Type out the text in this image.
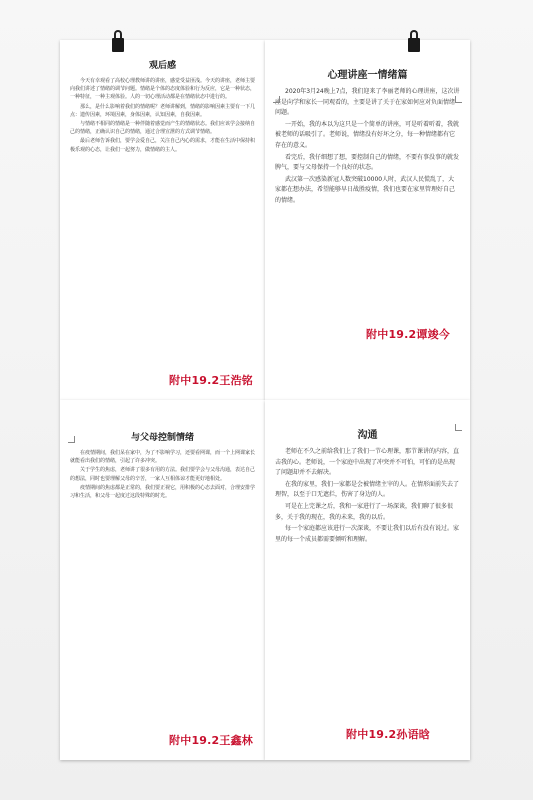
观后感

今天有幸观看了高校心理教师讲的讲座，感觉受益匪浅。今天的讲座，老师主要向我们讲述了情绪的调节问题。情绪是个体的态度体验和行为反应，它是一种状态，一种特征，一种主观体验。人的一切心理活动都是在情绪状态中进行的。

那么，是什么影响着我们的情绪呢？老师讲解到，情绪的影响因素主要有一下几点：遗传因素，环境因素，身体因素，认知因素，自我因素。

与情绪不相同的情绪是一种伴随着感觉而产生的情绪状态。我们应该学会接纳自己的情绪，正确认识自己的情绪，通过合理宣泄的方式调节情绪。

最后老师告诉我们，要学会爱自己，关注自己内心的需求，才能在生活中保持积极乐观的心态，让我们一起努力，做情绪的主人。

附中19.2王浩铭
心理讲座一情绪篇

2020年3月24晚上7点，我们迎来了李丽老师的心理讲座，这次讲座是向学和家长一同观看的，主要是讲了关于在家如何应对负面情绪问题。

一开始，我的本以为这只是一个简单的讲座，可是听着听着，我就被老师的话吸引了。老师说，情绪没有好坏之分，每一种情绪都有它存在的意义。

看完后，我仔细想了想，要控制自己的情绪，不要有事没事的就发脾气，要与父母保持一个良好的状态。

武汉第一次感染新冠人数突破10000人时，武汉人民慌乱了，大家都在想办法，希望能够早日战胜疫情，我们也要在家里管理好自己的情绪。

附中19.2谭竣今
与父母控制情绪

在疫情期间，我们呆在家中，为了不影响学习，还要看网课，而一个上网课家长就能看出我们的情绪，引起了许多冲突。

关于学生的焦虑，老师讲了很多有用的方法。我们要学会与父母沟通，表达自己的想法，同时也要理解父母的辛苦，一家人互相体谅才能更好地相处。

疫情期间的焦虑都是正常的，我们要正视它，用积极的心态去面对，合理安排学习和生活，和父母一起度过这段特殊的时光。

附中19.2王鑫林
沟通

老师在不久之前给我们上了我们一节心理课，那节课讲的内容，直击我的心。老师说，一个家庭中出现了冲突并不可怕，可怕的是出现了问题却并不去解决。

在我的家里，我们一家都是会被情绪主宰的人。在情形面前失去了理智，以至于口无遮拦，伤害了身边的人。

可是在上完课之后，我和一家进行了一场深谈，我们聊了很多很多，关于我的现在，我的未来，我的以后。

每一个家庭都应该进行一次深谈，不要让我们以后有没有说过。家里的每一个成员都需要倾听和理解。

附中19.2孙语晗
